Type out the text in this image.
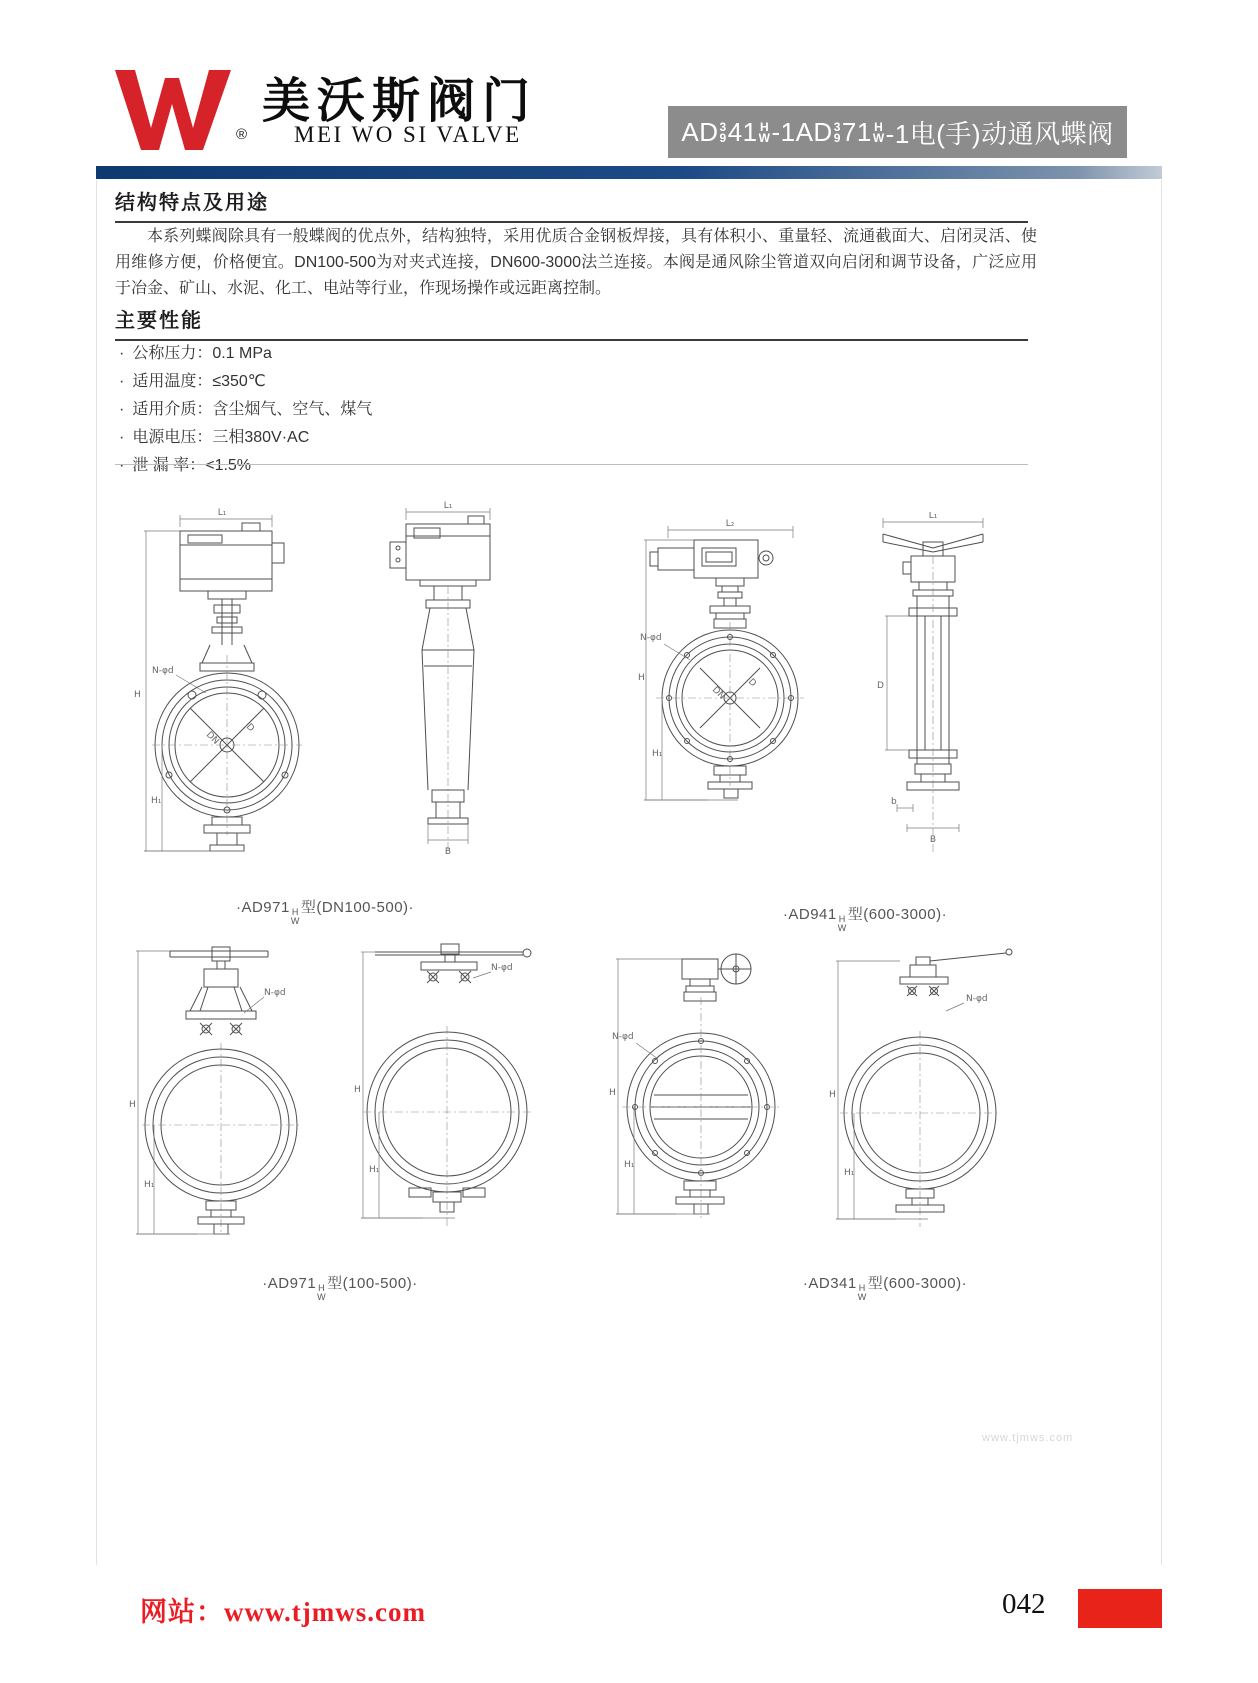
®
美沃斯阀门
MEI WO SI VALVE	AD 3
9 41 H
W -1AD 3
9 71 H
W -1电(手)动通风蝶阀
结构特点及用途
本系列蝶阀除具有一般蝶阀的优点外，结构独特，采用优质合金钢板焊接，具有体积小、重量轻、流通截面大、启闭灵活、使用维修方便，价格便宜。DN100-500为对夹式连接，DN600-3000法兰连接。本阀是通风除尘管道双向启闭和调节设备，广泛应用于冶金、矿山、水泥、化工、电站等行业，作现场操作或远距离控制。
主要性能
· 公称压力：0.1 MPa
· 适用温度：≤350℃
· 适用介质：含尘烟气、空气、煤气
· 电源电压：三相380V·AC
· 泄 漏 率：<1.5%
L₁
N-φd
DN
D
H
H₁
L₁
B
L₂
DN
D
N-φd
H
H₁
L₁
D
b
B
·AD971 H
W
型(DN100-500)·	·AD941 H
W
型(600-3000)·
N-φd
H
H₁
N-φd
H
H₁
N-φd
H
H₁
N-φd
H
H₁
·AD971 H
W
型(100-500)·	·AD341 H
W
型(600-3000)·
www.tjmws.com
网站：www.tjmws.com	042
